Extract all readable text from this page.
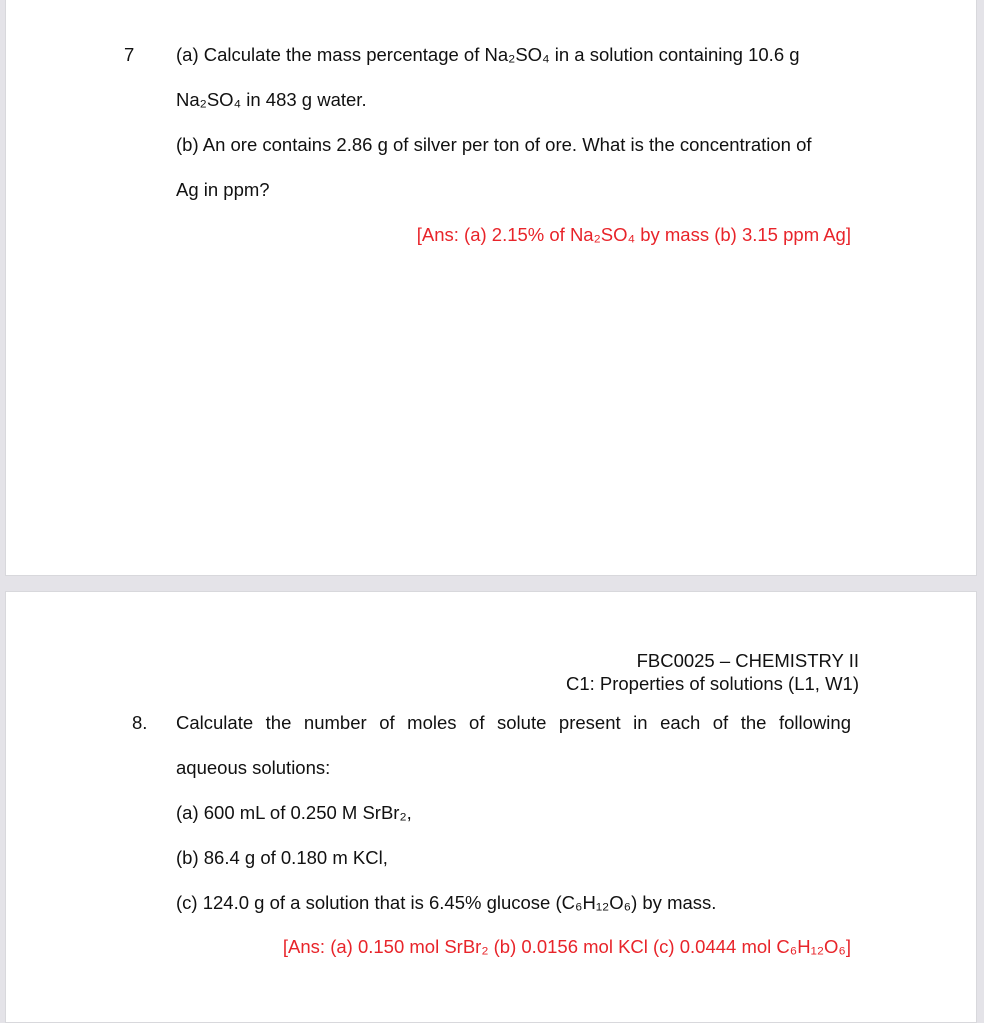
7 (a) Calculate the mass percentage of Na₂SO₄ in a solution containing 10.6 g
Na₂SO₄ in 483 g water.
(b) An ore contains 2.86 g of silver per ton of ore. What is the concentration of
Ag in ppm?
[Ans: (a) 2.15% of Na₂SO₄ by mass (b) 3.15 ppm Ag]
FBC0025 – CHEMISTRY II
C1: Properties of solutions (L1, W1)
8. Calculate the number of moles of solute present in each of the following
aqueous solutions:
(a) 600 mL of 0.250 M SrBr₂,
(b) 86.4 g of 0.180 m KCl,
(c) 124.0 g of a solution that is 6.45% glucose (C₆H₁₂O₆) by mass.
[Ans: (a) 0.150 mol SrBr₂ (b) 0.0156 mol KCl (c) 0.0444 mol C₆H₁₂O₆]
